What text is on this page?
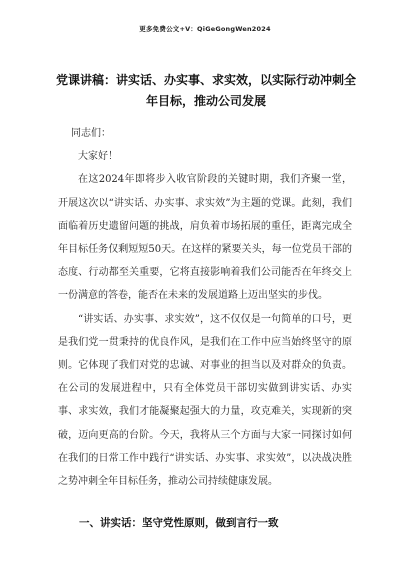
更多免费公文+V：QiGeGongWen2024
党课讲稿：讲实话、办实事、求实效，以实际行动冲刺全年目标，推动公司发展

同志们：

大家好！

在这2024年即将步入收官阶段的关键时期，我们齐聚一堂，开展这次以“讲实话、办实事、求实效”为主题的党课。此刻，我们面临着历史遗留问题的挑战，肩负着市场拓展的重任，距离完成全年目标任务仅剩短短50天。在这样的紧要关头，每一位党员干部的态度、行动都至关重要，它将直接影响着我们公司能否在年终交上一份满意的答卷，能否在未来的发展道路上迈出坚实的步伐。

“讲实话、办实事、求实效”，这不仅仅是一句简单的口号，更是我们党一贯秉持的优良作风，是我们在工作中应当始终坚守的原则。它体现了我们对党的忠诚、对事业的担当以及对群众的负责。在公司的发展进程中，只有全体党员干部切实做到讲实话、办实事、求实效，我们才能凝聚起强大的力量，攻克难关，实现新的突破，迈向更高的台阶。今天，我将从三个方面与大家一同探讨如何在我们的日常工作中践行“讲实话、办实事、求实效”，以决战决胜之势冲刺全年目标任务，推动公司持续健康发展。

一、讲实话：坚守党性原则，做到言行一致
